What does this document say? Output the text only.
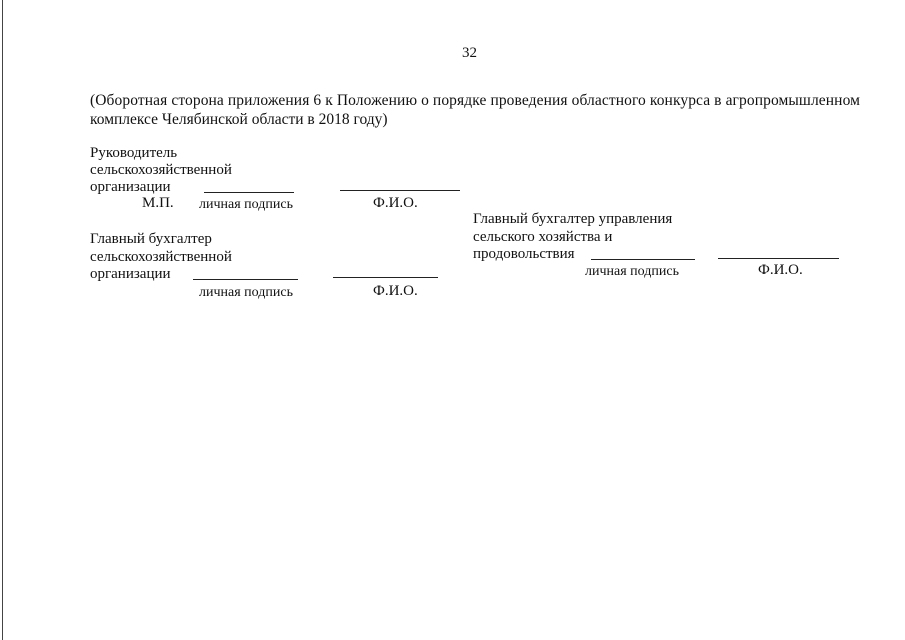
32
(Оборотная сторона приложения 6 к Положению о порядке проведения областного конкурса в агропромышленном
комплексе Челябинской области в 2018 году)
Руководитель
сельскохозяйственной
организации
М.П. личная подпись	Ф.И.О.
Главный бухгалтер
сельскохозяйственной
организации
личная подпись	Ф.И.О.
Главный бухгалтер управления
сельского хозяйства и
продовольствия
личная подпись	Ф.И.О.
